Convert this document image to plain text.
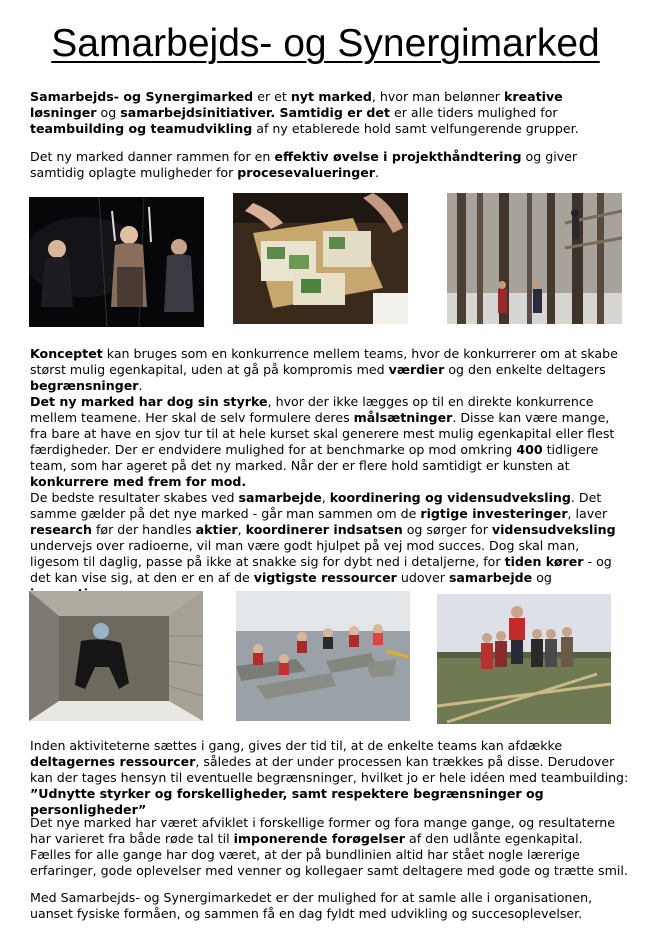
Samarbejds- og Synergimarked

Samarbejds- og Synergimarked er et nyt marked, hvor man belønner kreative løsninger og samarbejdsinitiativer. Samtidig er det er alle tiders mulighed for teambuilding og teamudvikling af ny etablerede hold samt velfungerende grupper.

Det ny marked danner rammen for en effektiv øvelse i projekthåndtering og giver samtidig oplagte muligheder for procesevalueringer.

Konceptet kan bruges som en konkurrence mellem teams, hvor de konkurrerer om at skabe størst mulig egenkapital, uden at gå på kompromis med værdier og den enkelte deltagers begrænsninger.
Det ny marked har dog sin styrke, hvor der ikke lægges op til en direkte konkurrence mellem teamene. Her skal de selv formulere deres målsætninger. Disse kan være mange, fra bare at have en sjov tur til at hele kurset skal generere mest mulig egenkapital eller flest færdigheder. Der er endvidere mulighed for at benchmarke op mod omkring 400 tidligere team, som har ageret på det ny marked. Når der er flere hold samtidigt er kunsten at konkurrere med frem for mod.
De bedste resultater skabes ved samarbejde, koordinering og vidensudveksling. Det samme gælder på det nye marked - går man sammen om de rigtige investeringer, laver research før der handles aktier, koordinerer indsatsen og sørger for vidensudveksling undervejs over radioerne, vil man være godt hjulpet på vej mod succes. Dog skal man, ligesom til daglig, passe på ikke at snakke sig for dybt ned i detaljerne, for tiden kører - og det kan vise sig, at den er en af de vigtigste ressourcer udover samarbejde og

Inden aktiviteterne sættes i gang, gives der tid til, at de enkelte teams kan afdække deltagernes ressourcer, således at der under processen kan trækkes på disse. Derudover kan der tages hensyn til eventuelle begrænsninger, hvilket jo er hele idéen med teambuilding: ”Udnytte styrker og forskelligheder, samt respektere begrænsninger og personligheder”

Det nye marked har været afviklet i forskellige former og fora mange gange, og resultaterne har varieret fra både røde tal til imponerende forøgelser af den udlånte egenkapital.
Fælles for alle gange har dog været, at der på bundlinien altid har stået nogle lærerige erfaringer, gode oplevelser med venner og kollegaer samt deltagere med gode og trætte smil.

Med Samarbejds- og Synergimarkedet er der mulighed for at samle alle i organisationen, uanset fysiske formåen, og sammen få en dag fyldt med udvikling og succesoplevelser.
